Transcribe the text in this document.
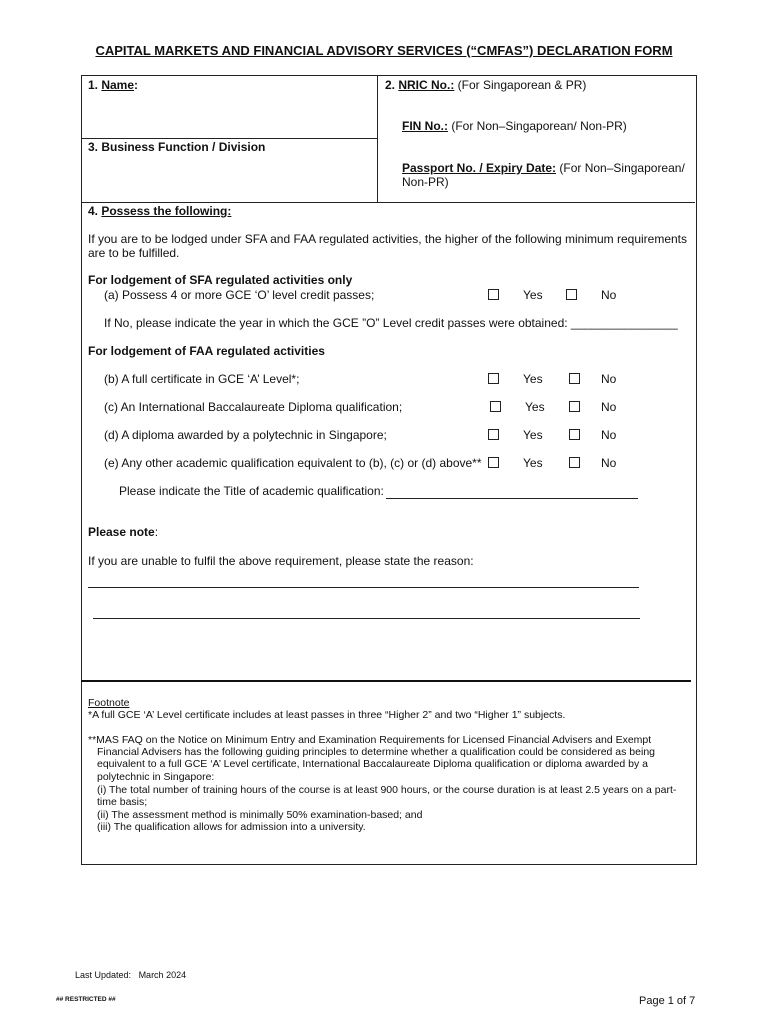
CAPITAL MARKETS AND FINANCIAL ADVISORY SERVICES (“CMFAS”) DECLARATION FORM
1. Name:	2. NRIC No.: (For Singaporean & PR)
FIN No.: (For Non–Singaporean/ Non-PR)
3. Business Function / Division
Passport No. / Expiry Date: (For Non–Singaporean/
Non-PR)
4. Possess the following:
If you are to be lodged under SFA and FAA regulated activities, the higher of the following minimum requirements
are to be fulfilled.
For lodgement of SFA regulated activities only
(a) Possess 4 or more GCE ‘O’ level credit passes;	Yes	No
If No, please indicate the year in which the GCE ”O” Level credit passes were obtained: ________________
For lodgement of FAA regulated activities
(b) A full certificate in GCE ‘A’ Level*;	Yes	No
(c) An International Baccalaureate Diploma qualification;	Yes	No
(d) A diploma awarded by a polytechnic in Singapore;	Yes	No
(e) Any other academic qualification equivalent to (b), (c) or (d) above**	Yes	No
Please indicate the Title of academic qualification:
Please note:
If you are unable to fulfil the above requirement, please state the reason:
Footnote
*A full GCE ‘A’ Level certificate includes at least passes in three “Higher 2” and two “Higher 1” subjects.
**MAS FAQ on the Notice on Minimum Entry and Examination Requirements for Licensed Financial Advisers and Exempt
Financial Advisers has the following guiding principles to determine whether a qualification could be considered as being
equivalent to a full GCE ‘A’ Level certificate, International Baccalaureate Diploma qualification or diploma awarded by a
polytechnic in Singapore:
(i) The total number of training hours of the course is at least 900 hours, or the course duration is at least 2.5 years on a part-
time basis;
(ii) The assessment method is minimally 50% examination-based; and
(iii) The qualification allows for admission into a university.
Last Updated: March 2024
## RESTRICTED ##	Page 1 of 7
